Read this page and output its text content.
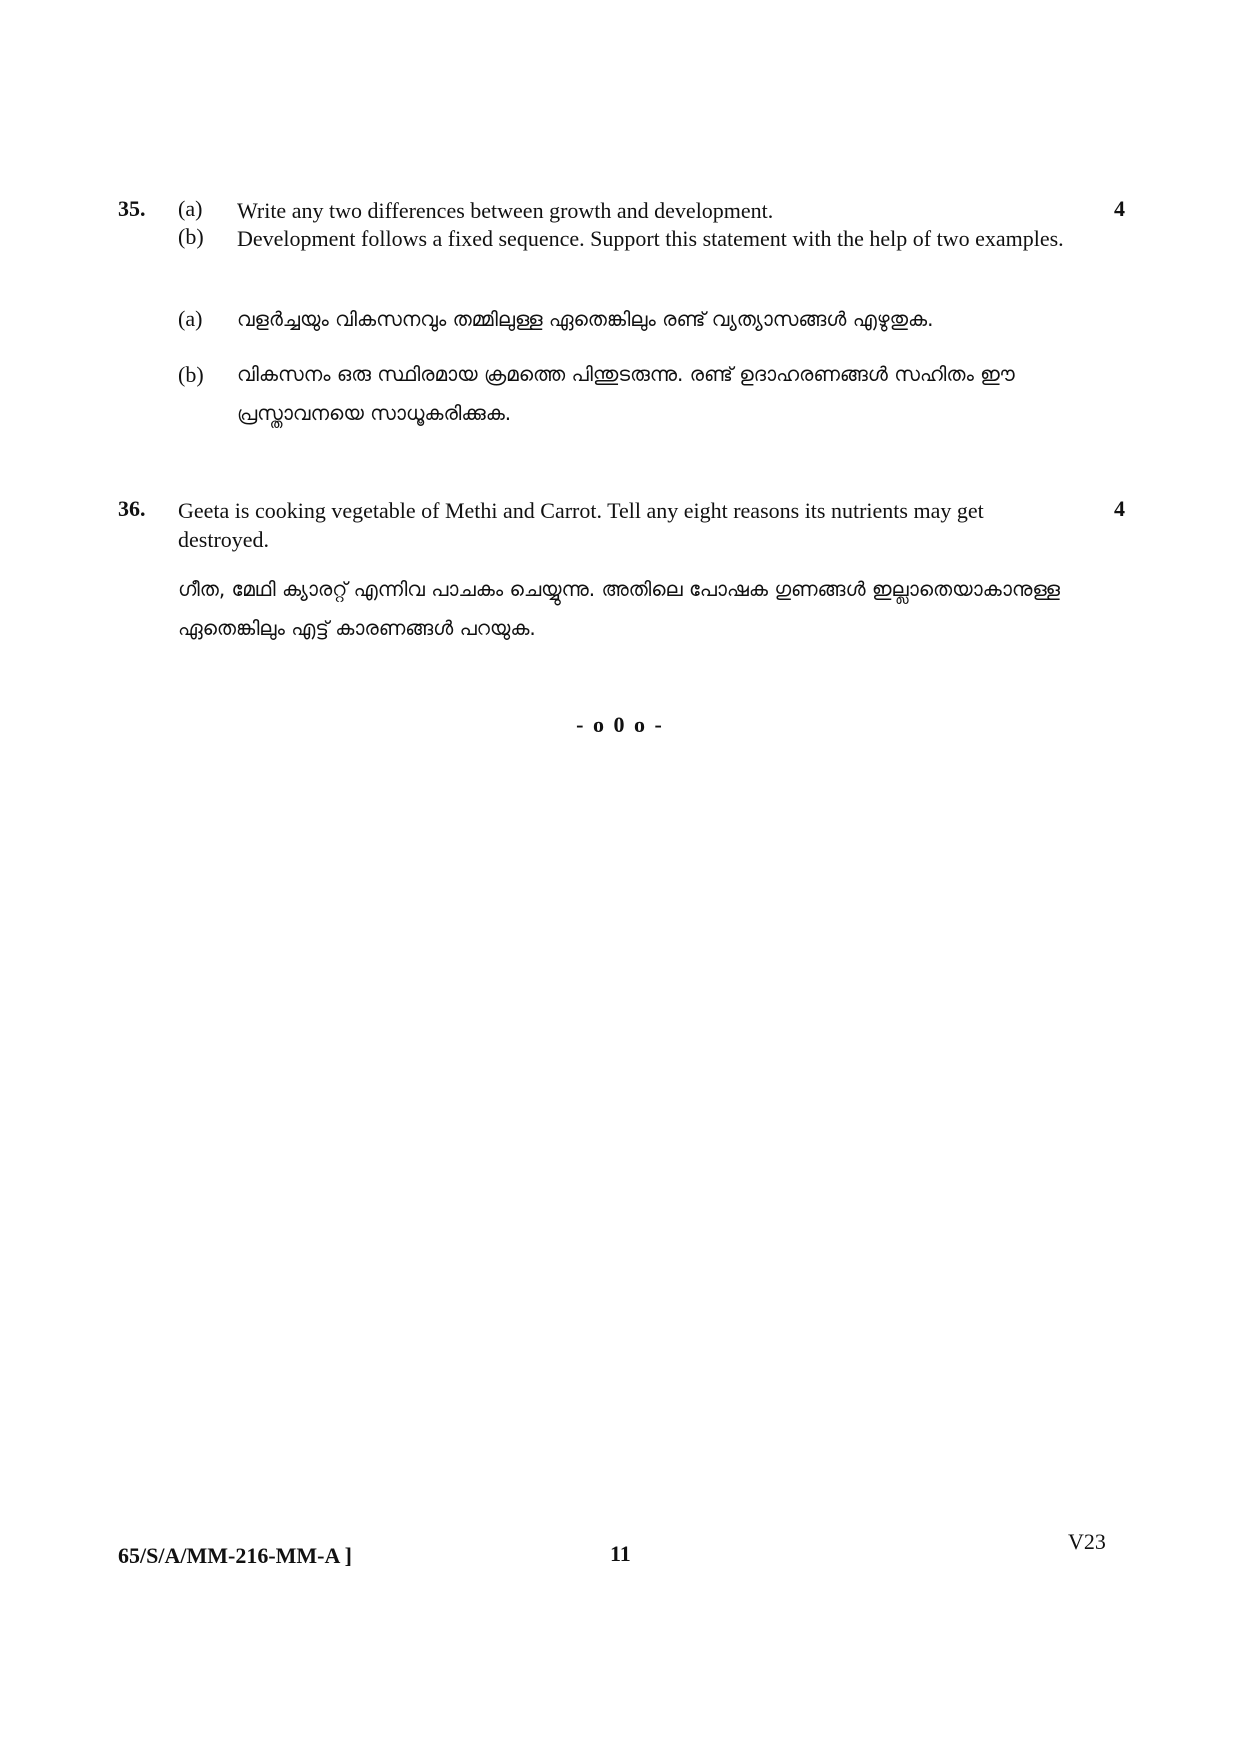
35. (a) Write any two differences between growth and development.	4
(b) Development follows a fixed sequence. Support this statement with the help of two examples.
(a) വളർച്ചയും വികസനവും തമ്മിലുള്ള ഏതെങ്കിലും രണ്ട് വ്യത്യാസങ്ങൾ എഴുതുക.
(b) വികസനം ഒരു സ്ഥിരമായ ക്രമത്തെ പിന്തുടരുന്നു. രണ്ട് ഉദാഹരണങ്ങൾ സഹിതം ഈ പ്രസ്താവനയെ സാധൂകരിക്കുക.
36. Geeta is cooking vegetable of Methi and Carrot. Tell any eight reasons its nutrients may get destroyed.
4
ഗീത, മേഥി ക്യാരറ്റ് എന്നിവ പാചകം ചെയ്യുന്നു. അതിലെ പോഷക ഗുണങ്ങൾ ഇല്ലാതെയാകാനുള്ള ഏതെങ്കിലും എട്ട് കാരണങ്ങൾ പറയുക.
- o 0 o -
65/S/A/MM-216-MM-A ]	11	V23
